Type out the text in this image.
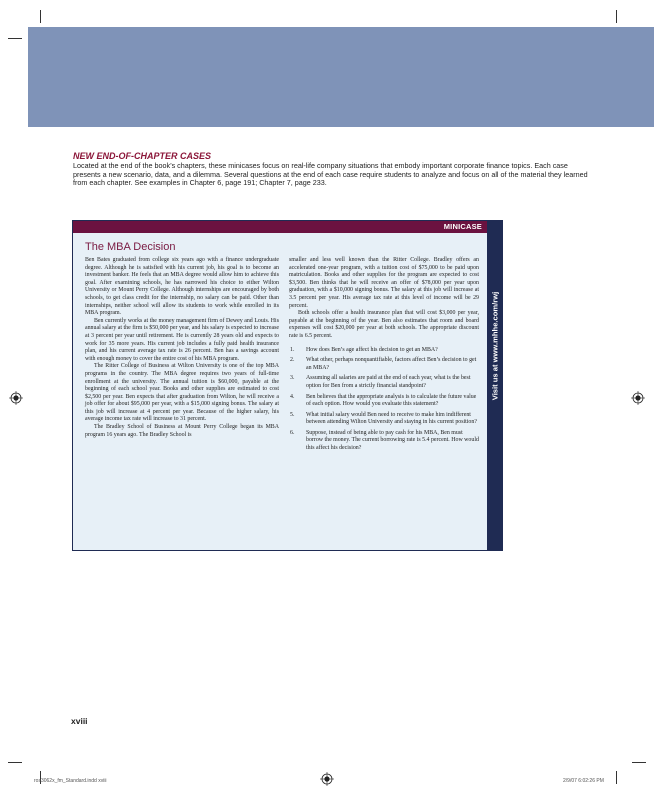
NEW END-OF-CHAPTER CASES

Located at the end of the book’s chapters, these minicases focus on real-life company situations that embody important corporate finance topics. Each case presents a new scenario, data, and a dilemma. Several questions at the end of each case require students to analyze and focus on all of the material they learned from each chapter. See examples in Chapter 6, page 191; Chapter 7, page 233.

MINICASE
Visit us at www.mhhe.com/rwj
The MBA Decision

Ben Bates graduated from college six years ago with a finance undergraduate degree. Although he is satisfied with his current job, his goal is to become an investment banker. He feels that an MBA degree would allow him to achieve this goal. After examining schools, he has narrowed his choice to either Wilton University or Mount Perry College. Although internships are encouraged by both schools, to get class credit for the internship, no salary can be paid. Other than internships, neither school will allow its students to work while enrolled in its MBA program.

Ben currently works at the money management firm of Dewey and Louis. His annual salary at the firm is $50,000 per year, and his salary is expected to increase at 3 percent per year until retirement. He is currently 28 years old and expects to work for 35 more years. His current job includes a fully paid health insurance plan, and his current average tax rate is 26 percent. Ben has a savings account with enough money to cover the entire cost of his MBA program.

The Ritter College of Business at Wilton University is one of the top MBA programs in the country. The MBA degree requires two years of full-time enrollment at the university. The annual tuition is $60,000, payable at the beginning of each school year. Books and other supplies are estimated to cost $2,500 per year. Ben expects that after graduation from Wilton, he will receive a job offer for about $95,000 per year, with a $15,000 signing bonus. The salary at this job will increase at 4 percent per year. Because of the higher salary, his average income tax rate will increase to 31 percent.

The Bradley School of Business at Mount Perry College began its MBA program 16 years ago. The Bradley School is

smaller and less well known than the Ritter College. Bradley offers an accelerated one-year program, with a tuition cost of $75,000 to be paid upon matriculation. Books and other supplies for the program are expected to cost $3,500. Ben thinks that he will receive an offer of $78,000 per year upon graduation, with a $10,000 signing bonus. The salary at this job will increase at 3.5 percent per year. His average tax rate at this level of income will be 29 percent.

Both schools offer a health insurance plan that will cost $3,000 per year, payable at the beginning of the year. Ben also estimates that room and board expenses will cost $20,000 per year at both schools. The appropriate discount rate is 6.5 percent.

1. How does Ben’s age affect his decision to get an MBA?
2. What other, perhaps nonquantifiable, factors affect Ben’s decision to get an MBA?
3. Assuming all salaries are paid at the end of each year, what is the best option for Ben from a strictly financial standpoint?
4. Ben believes that the appropriate analysis is to calculate the future value of each option. How would you evaluate this statement?
5. What initial salary would Ben need to receive to make him indifferent between attending Wilton University and staying in his current position?
6. Suppose, instead of being able to pay cash for his MBA, Ben must borrow the money. The current borrowing rate is 5.4 percent. How would this affect his decision?

xviii

ros3062x_fm_Standard.indd xviii	2/9/07 6:02:26 PM
